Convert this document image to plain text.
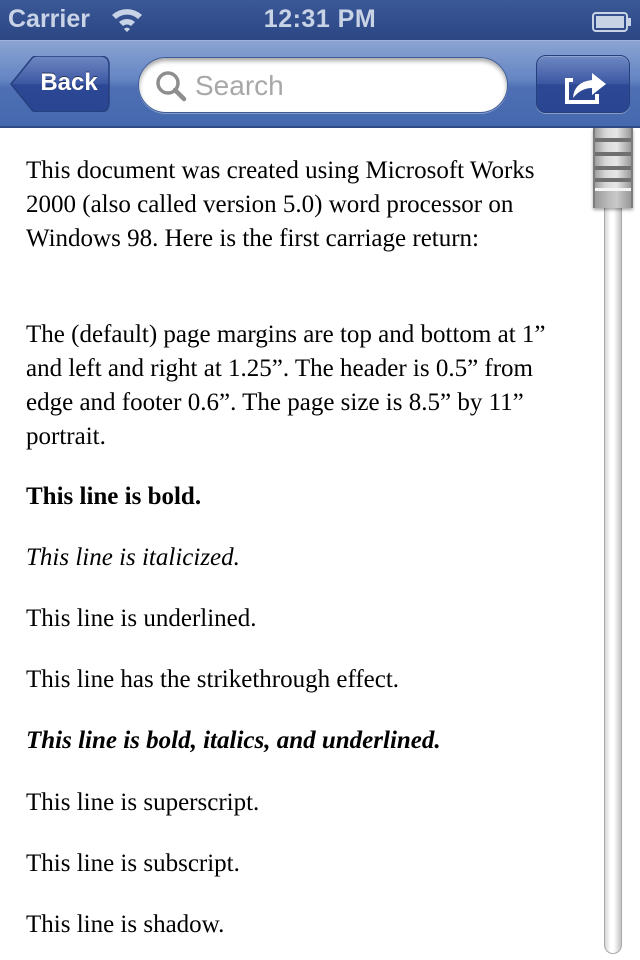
Carrier	12:31 PM
Back
Search

This document was created using Microsoft Works 2000 (also called version 5.0) word processor on Windows 98. Here is the first carriage return:

The (default) page margins are top and bottom at 1” and left and right at 1.25”. The header is 0.5” from edge and footer 0.6”. The page size is 8.5” by 11” portrait.

This line is bold.

This line is italicized.

This line is underlined.

This line has the strikethrough effect.

This line is bold, italics, and underlined.

This line is superscript.

This line is subscript.

This line is shadow.
